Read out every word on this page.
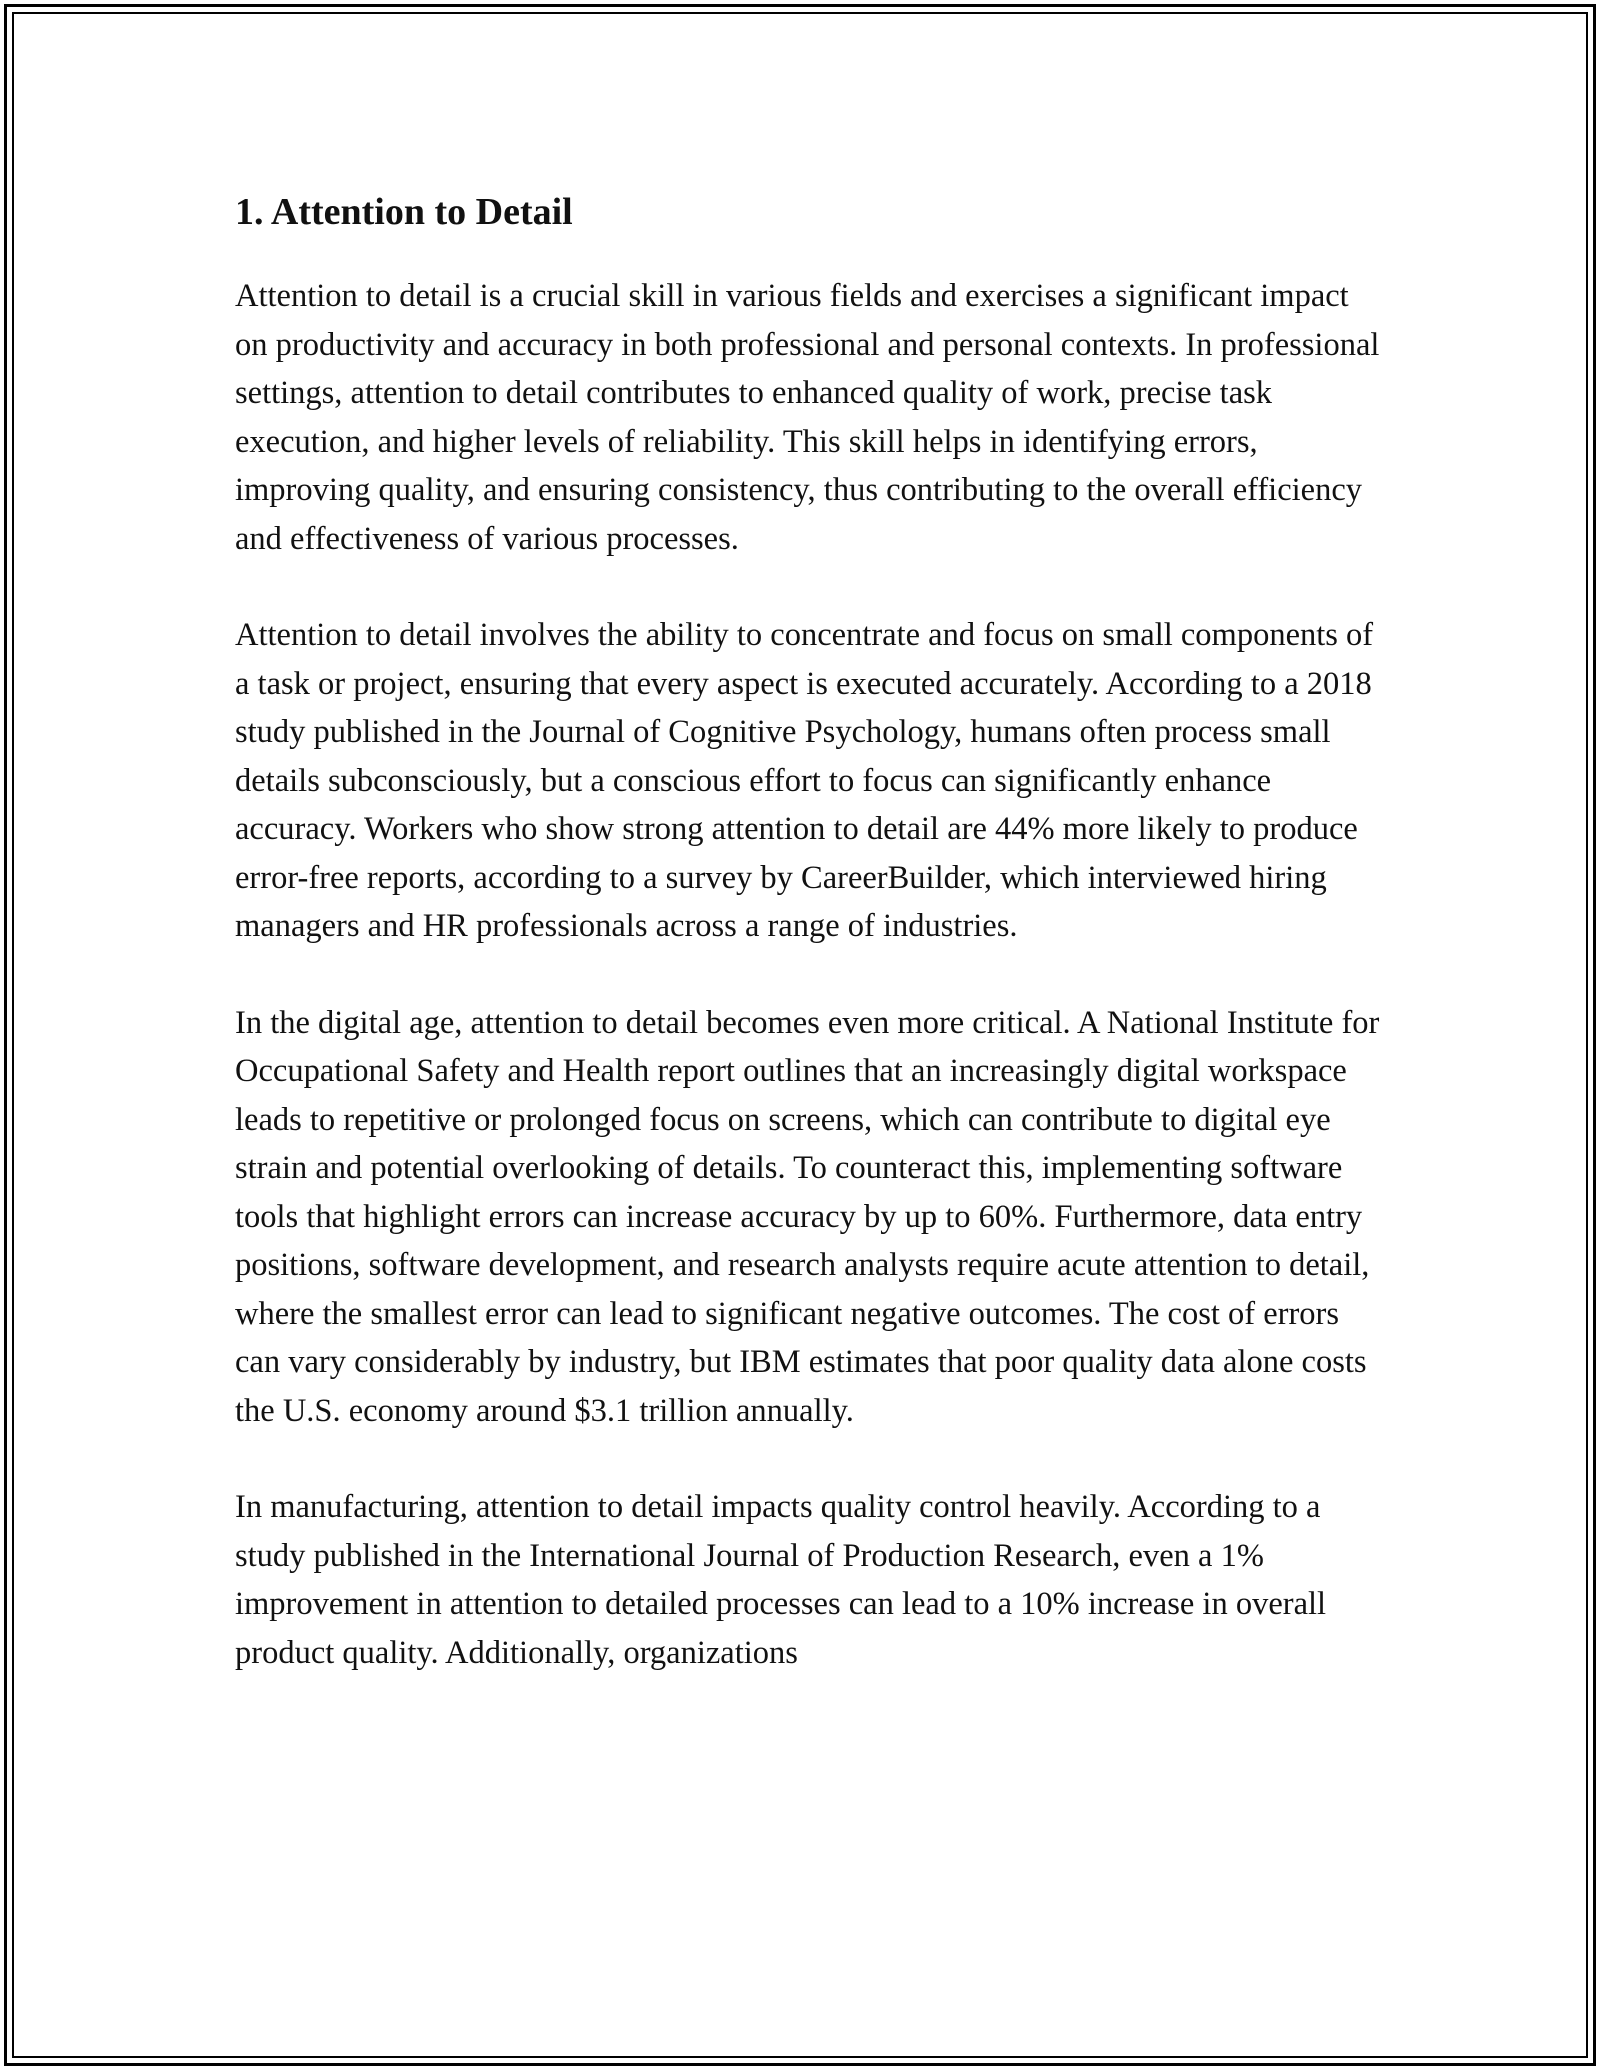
1. Attention to Detail

Attention to detail is a crucial skill in various fields and exercises a significant impact on productivity and accuracy in both professional and personal contexts. In professional settings, attention to detail contributes to enhanced quality of work, precise task execution, and higher levels of reliability. This skill helps in identifying errors, improving quality, and ensuring consistency, thus contributing to the overall efficiency and effectiveness of various processes.

Attention to detail involves the ability to concentrate and focus on small components of a task or project, ensuring that every aspect is executed accurately. According to a 2018 study published in the Journal of Cognitive Psychology, humans often process small details subconsciously, but a conscious effort to focus can significantly enhance accuracy. Workers who show strong attention to detail are 44% more likely to produce error-free reports, according to a survey by CareerBuilder, which interviewed hiring managers and HR professionals across a range of industries.

In the digital age, attention to detail becomes even more critical. A National Institute for Occupational Safety and Health report outlines that an increasingly digital workspace leads to repetitive or prolonged focus on screens, which can contribute to digital eye strain and potential overlooking of details. To counteract this, implementing software tools that highlight errors can increase accuracy by up to 60%. Furthermore, data entry positions, software development, and research analysts require acute attention to detail, where the smallest error can lead to significant negative outcomes. The cost of errors can vary considerably by industry, but IBM estimates that poor quality data alone costs the U.S. economy around $3.1 trillion annually.

In manufacturing, attention to detail impacts quality control heavily. According to a study published in the International Journal of Production Research, even a 1% improvement in attention to detailed processes can lead to a 10% increase in overall product quality. Additionally, organizations
